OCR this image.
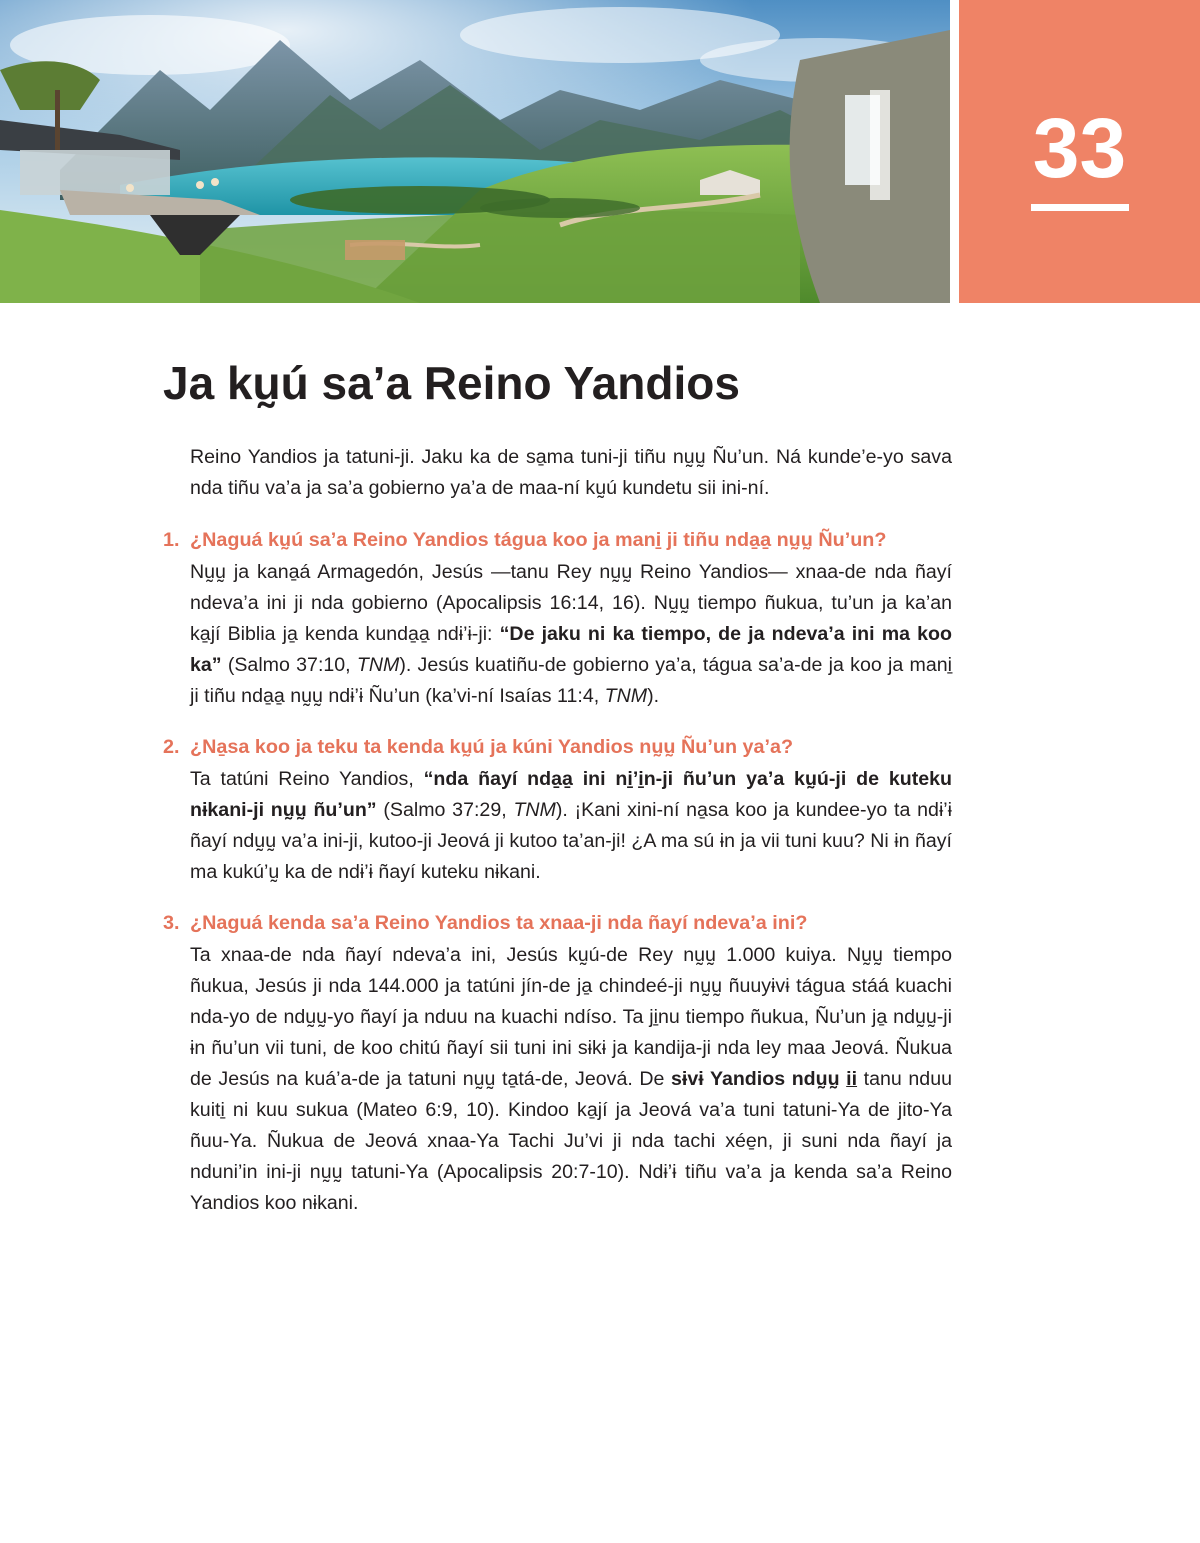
33
Ja kṵú sa’a Reino Yandios

Reino Yandios ja tatuni-ji. Jaku ka de sa̱ma tuni-ji tiñu nṵṵ Ñu’un. Ná kunde’e-yo sava nda tiñu va’a ja sa’a gobierno ya’a de maa-ní kṵú kundetu sii ini-ní.

1. ¿Naguá kṵú sa’a Reino Yandios tágua koo ja mani̱ ji tiñu nda̱a̱ nṵṵ Ñu’un?

Nṵṵ ja kana̱á Armagedón, Jesús —tanu Rey nṵṵ Reino Yandios— xnaa-de nda ñayí ndeva’a ini ji nda gobierno (Apocalipsis 16:14, 16). Nṵṵ tiempo ñukua, tu’un ja ka’an ka̱jí Biblia ja̱ kenda kunda̱a̱ ndɨ’ɨ-ji: “De jaku ni ka tiempo, de ja ndeva’a ini ma koo ka” (Salmo 37:10, TNM). Jesús kuatiñu-de gobierno ya’a, tágua sa’a-de ja koo ja mani̱ ji tiñu nda̱a̱ nṵṵ ndɨ’ɨ Ñu’un (ka’vi-ní Isaías 11:4, TNM).

2. ¿Na̱sa koo ja teku ta kenda kṵú ja kúni Yandios nṵṵ Ñu’un ya’a?

Ta tatúni Reino Yandios, “nda ñayí nda̱a̱ ini ni̱’i̱n-ji ñu’un ya’a kṵú-ji de kuteku nɨkani-ji nṵṵ ñu’un” (Salmo 37:29, TNM). ¡Kani xini-ní na̱sa koo ja kundee-yo ta ndɨ’ɨ ñayí ndṵṵ va’a ini-ji, kutoo-ji Jeová ji kutoo ta’an-ji! ¿A ma sú ɨn ja vii tuni kuu? Ni ɨn ñayí ma kukú’ṵ ka de ndɨ’ɨ ñayí kuteku nɨkani.

3. ¿Naguá kenda sa’a Reino Yandios ta xnaa-ji nda ñayí ndeva’a ini?

Ta xnaa-de nda ñayí ndeva’a ini, Jesús kṵú-de Rey nṵṵ 1.000 kuiya. Nṵṵ tiempo ñukua, Jesús ji nda 144.000 ja tatúni jín-de ja̱ chindeé-ji nṵṵ ñuuyɨvɨ tágua stáá kuachi nda-yo de ndṵṵ-yo ñayí ja nduu na kuachi ndíso. Ta ji̱nu tiempo ñukua, Ñu’un ja̱ ndṵṵ-ji ɨn ñu’un vii tuni, de koo chitú ñayí sii tuni ini sɨkɨ ja kandija-ji nda ley maa Jeová. Ñukua de Jesús na kuá’a-de ja tatuni nṵṵ ta̱tá-de, Jeová. De sɨvɨ Yandios ndṵṵ ii tanu nduu kuiti̱ ni kuu sukua (Mateo 6:9, 10). Kindoo ka̱jí ja Jeová va’a tuni tatuni-Ya de jito-Ya ñuu-Ya. Ñukua de Jeová xnaa-Ya Tachi Ju’vi ji nda tachi xée̱n, ji suni nda ñayí ja nduni’in ini-ji nṵṵ tatuni-Ya (Apocalipsis 20:7-10). Ndɨ’ɨ tiñu va’a ja kenda sa’a Reino Yandios koo nɨkani.
